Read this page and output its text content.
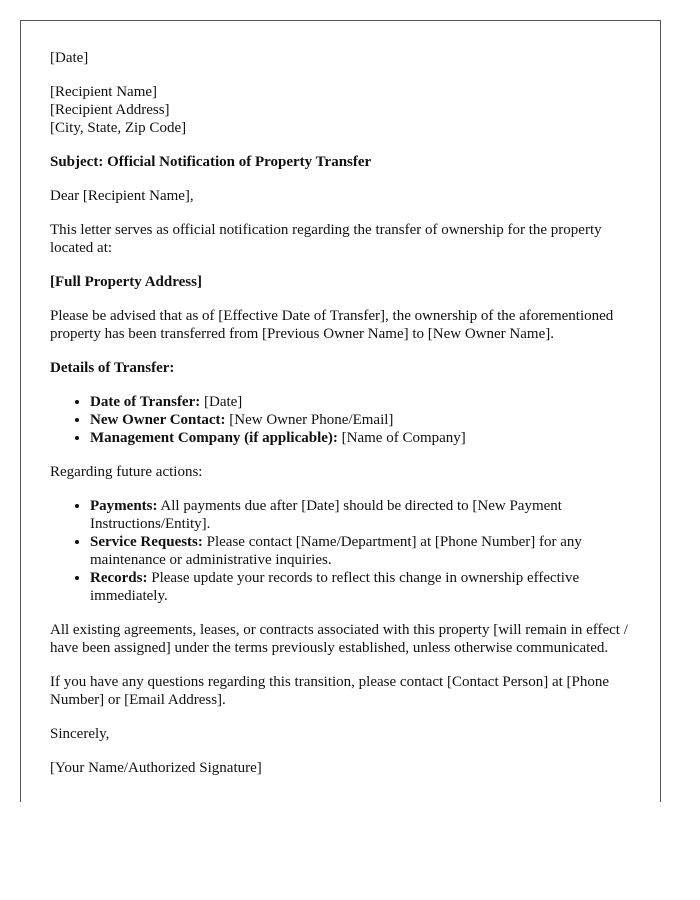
[Date]

[Recipient Name]

[Recipient Address]

[City, State, Zip Code]

Subject: Official Notification of Property Transfer

Dear [Recipient Name],

This letter serves as official notification regarding the transfer of ownership for the property located at:

[Full Property Address]

Please be advised that as of [Effective Date of Transfer], the ownership of the aforementioned property has been transferred from [Previous Owner Name] to [New Owner Name].

Details of Transfer:

• Date of Transfer: [Date]
• New Owner Contact: [New Owner Phone/Email]
• Management Company (if applicable): [Name of Company]

Regarding future actions:

• Payments: All payments due after [Date] should be directed to [New Payment Instructions/Entity].
• Service Requests: Please contact [Name/Department] at [Phone Number] for any maintenance or administrative inquiries.
• Records: Please update your records to reflect this change in ownership effective immediately.

All existing agreements, leases, or contracts associated with this property [will remain in effect / have been assigned] under the terms previously established, unless otherwise communicated.

If you have any questions regarding this transition, please contact [Contact Person] at [Phone Number] or [Email Address].

Sincerely,

[Your Name/Authorized Signature]
